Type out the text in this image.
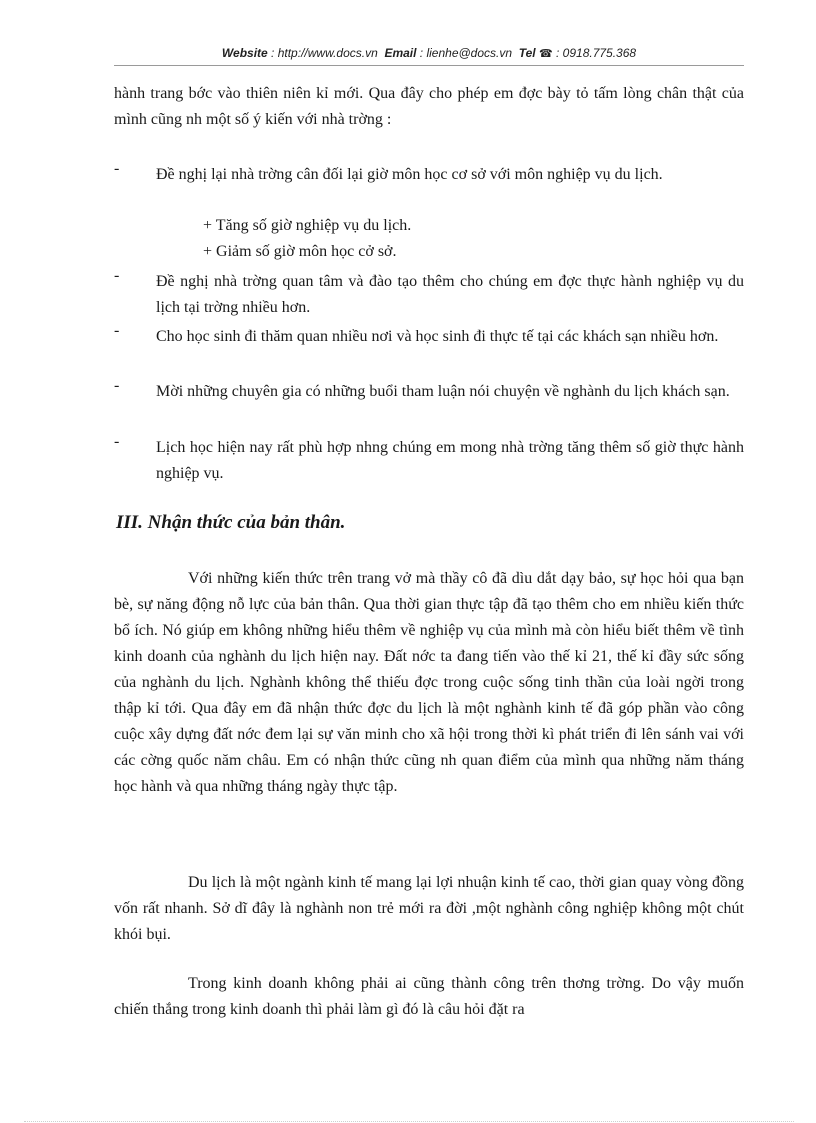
Website : http://www.docs.vn Email : lienhe@docs.vn Tel ☎ : 0918.775.368

hành trang bớc vào thiên niên kỉ mới. Qua đây cho phép em đợc bày tỏ tấm lòng chân thật của mình cũng nh một số ý kiến với nhà trờng :

- Đề nghị lại nhà trờng cân đối lại giờ môn học cơ sở với môn nghiệp vụ du lịch.
+ Tăng số giờ nghiệp vụ du lịch.
+ Giảm số giờ môn học cở sở.
- Đề nghị nhà trờng quan tâm và đào tạo thêm cho chúng em đợc thực hành nghiệp vụ du lịch tại trờng nhiều hơn.
- Cho học sinh đi thăm quan nhiều nơi và học sinh đi thực tế tại các khách sạn nhiều hơn.
- Mời những chuyên gia có những buổi tham luận nói chuyện về nghành du lịch khách sạn.
- Lịch học hiện nay rất phù hợp nhng chúng em mong nhà trờng tăng thêm số giờ thực hành nghiệp vụ.
III. Nhận thức của bản thân.

Với những kiến thức trên trang vở mà thầy cô đã dìu dắt dạy bảo, sự học hỏi qua bạn bè, sự năng động nỗ lực của bản thân. Qua thời gian thực tập đã tạo thêm cho em nhiều kiến thức bổ ích. Nó giúp em không những hiểu thêm về nghiệp vụ của mình mà còn hiểu biết thêm về tình kinh doanh của nghành du lịch hiện nay. Đất nớc ta đang tiến vào thế kỉ 21, thế kỉ đầy sức sống của nghành du lịch. Nghành không thể thiếu đợc trong cuộc sống tinh thần của loài ngời trong thập kỉ tới. Qua đây em đã nhận thức đợc du lịch là một nghành kinh tế đã góp phần vào công cuộc xây dựng đất nớc đem lại sự văn minh cho xã hội trong thời kì phát triển đi lên sánh vai với các cờng quốc năm châu. Em có nhận thức cũng nh quan điểm của mình qua những năm tháng học hành và qua những tháng ngày thực tập.

Du lịch là một ngành kinh tế mang lại lợi nhuận kinh tế cao, thời gian quay vòng đồng vốn rất nhanh. Sở dĩ đây là nghành non trẻ mới ra đời ,một nghành công nghiệp không một chút khói bụi.

Trong kinh doanh không phải ai cũng thành công trên thơng trờng. Do vậy muốn chiến thắng trong kinh doanh thì phải làm gì đó là câu hỏi đặt ra
